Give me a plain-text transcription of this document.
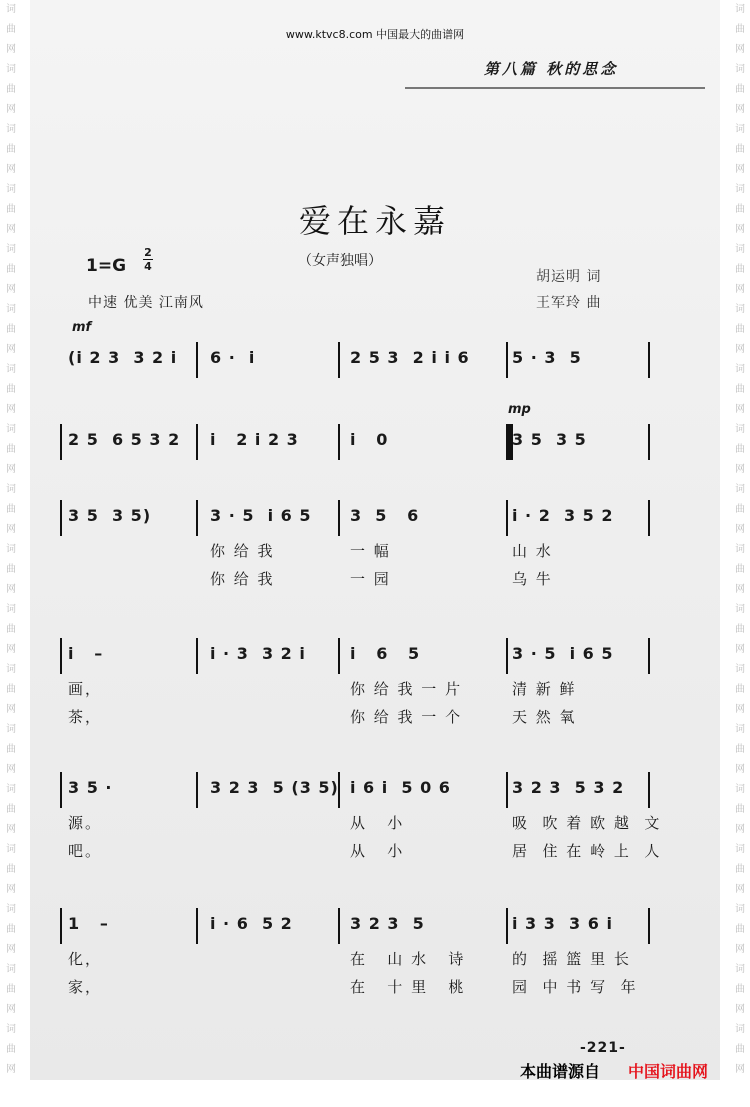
词
曲
网
词
曲
网
词
曲
网
词
曲
网
词
曲
网
词
曲
网
词
曲
网
词
曲
网
词
曲
网
词
曲
网
词
曲
网
词
曲
网
词
曲
网
词
曲
网
词
曲
网
词
曲
网
词
曲
网
词
曲
网
词
曲
网
词
曲
网
词
曲
网
词
曲
网
词
曲
网
词
曲
网
词
曲
网
词
曲
网
词
曲
网
词
曲
网
词
曲
网
词
曲
网
词
曲
网
词
曲
网
词
曲
网
词
曲
网
词
曲
网
词
曲
网
www.ktvc8.com 中国最大的曲谱网
第八篇 秋的思念
爱在永嘉
1=G
2
4	（女声独唱）
中速 优美 江南风
胡运明 词
王军玲 曲
mf
mp
(i 2 3  3 2 i 6 ·  i	2 5 3  2 i i 6	5 · 3  5
2 5  6 5 3 2 i   2 i 2 3	i   0	3 5  3 5
3 5  3 5)	3 · 5  i 6 5 3  5   6	i · 2  3 5 2
你 给 我	一 幅	山 水
你 给 我	一 园	乌 牛
i   –	i · 3  3 2 i	i   6   5	3 · 5  i 6 5
画，	你 给 我 一 片	清 新 鲜
茶，	你 给 我 一 个	天 然 氧
3 5 ·	3 2 3  5 (3 5) i 6 i  5 0 6	3 2 3  5 3 2
源。	从   小	吸  吹 着 欧 越  文
吧。	从   小	居  住 在 岭 上  人
1   –	i · 6  5 2	3 2 3  5	i 3 3  3 6 i
化，	在   山 水   诗	的  摇 篮 里 长
家，	在   十 里   桃	园  中 书 写  年
-221-
本曲谱源自 中国词曲网
